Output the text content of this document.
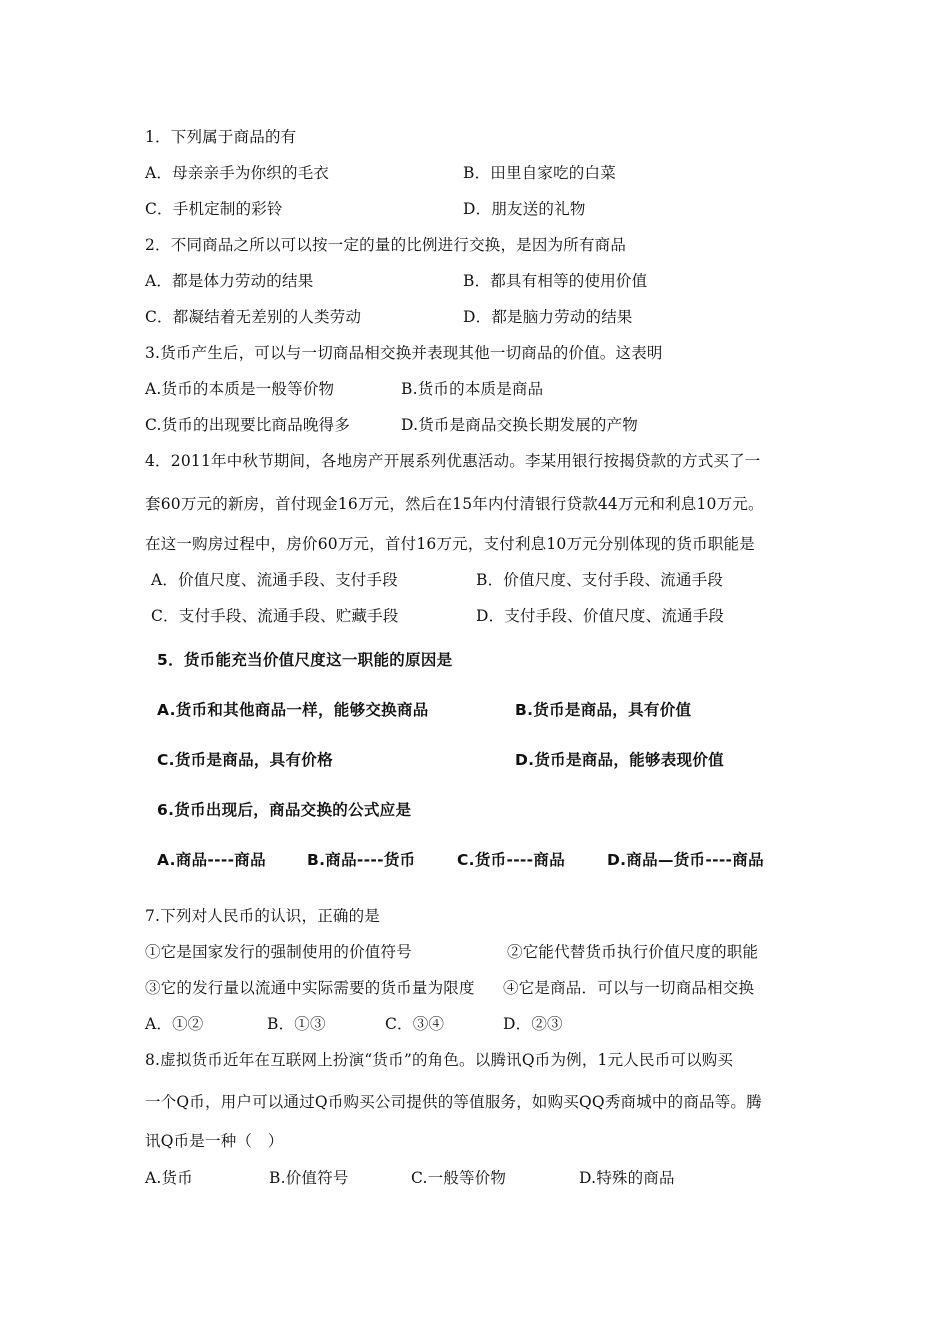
1．下列属于商品的有
A．母亲亲手为你织的毛衣	B．田里自家吃的白菜
C．手机定制的彩铃	D．朋友送的礼物
2．不同商品之所以可以按一定的量的比例进行交换，是因为所有商品
A．都是体力劳动的结果	B．都具有相等的使用价值
C．都凝结着无差别的人类劳动	D．都是脑力劳动的结果
3.货币产生后，可以与一切商品相交换并表现其他一切商品的价值。这表明
A.货币的本质是一般等价物	B.货币的本质是商品
C.货币的出现要比商品晚得多	D.货币是商品交换长期发展的产物
4．2011年中秋节期间，各地房产开展系列优惠活动。李某用银行按揭贷款的方式买了一
套60万元的新房，首付现金16万元，然后在15年内付清银行贷款44万元和利息10万元。
在这一购房过程中，房价60万元，首付16万元，支付利息10万元分别体现的货币职能是
A．价值尺度、流通手段、支付手段	B．价值尺度、支付手段、流通手段
C．支付手段、流通手段、贮藏手段	D．支付手段、价值尺度、流通手段
5．货币能充当价值尺度这一职能的原因是
A.货币和其他商品一样，能够交换商品	B.货币是商品，具有价值
C.货币是商品，具有价格	D.货币是商品，能够表现价值
6.货币出现后，商品交换的公式应是
A.商品----商品	B.商品----货币	C.货币----商品	D.商品—货币----商品
7.下列对人民币的认识，正确的是
①它是国家发行的强制使用的价值符号	②它能代替货币执行价值尺度的职能
③它的发行量以流通中实际需要的货币量为限度 ④它是商品．可以与一切商品相交换
A．①②	B．①③	C．③④	D．②③
8.虚拟货币近年在互联网上扮演“货币”的角色。以腾讯Q币为例，1元人民币可以购买
一个Q币，用户可以通过Q币购买公司提供的等值服务，如购买QQ秀商城中的商品等。腾
讯Q币是一种（　）
A.货币	B.价值符号	C.一般等价物	D.特殊的商品
